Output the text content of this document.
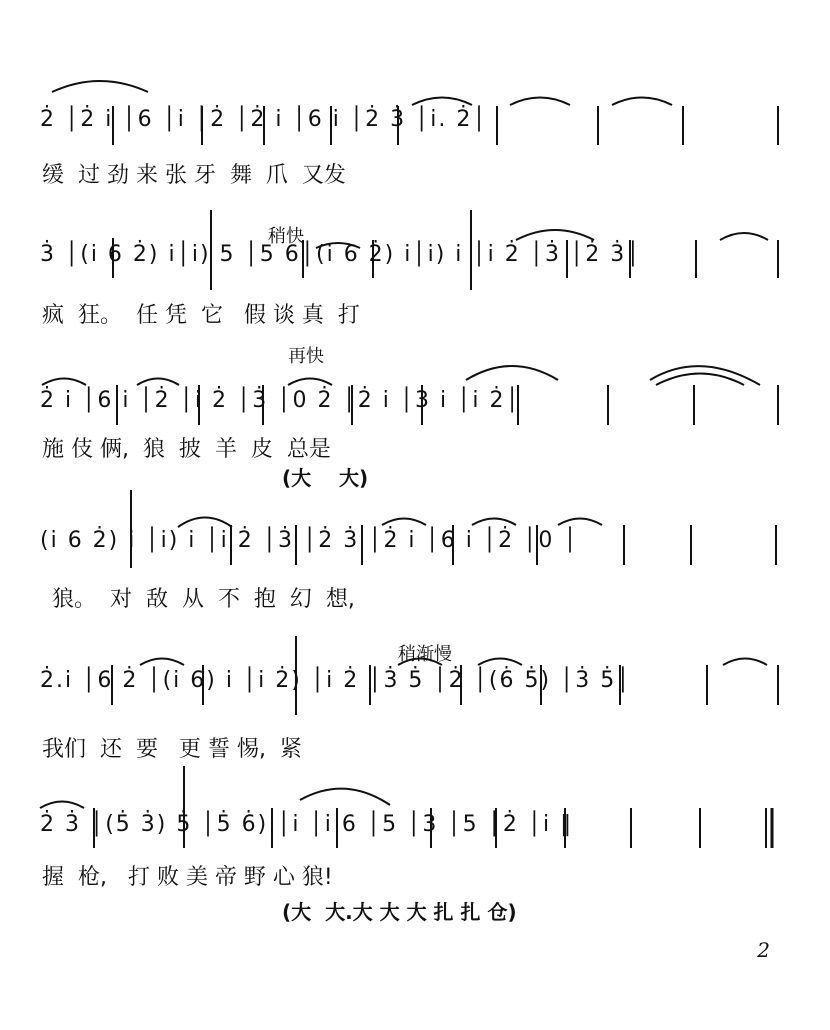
2̇ │2̇ i̇ │6 │i̇ │2̇ │2̇ i̇ │6 i̇ │2̇ 3̇ │i̇. 2̇│
缓  过 劲 来 张 牙  舞  爪  又发
稍快
3̇ │(i̇ 6 2̇) i̇│i̇) 5 │5 6│(i̇ 6 2̇) i̇│i̇) i̇ │i̇ 2̇ │3̇ │2̇ 3̇│
疯  狂。  任 凭  它   假 谈 真  打
再快
2̇ i̇ │6 i̇ │2̇ │i̇ 2̇ │3̇ │0 2̇ │2̇ i̇ │3̇ i̇ │i̇ 2̇│
施 伎 俩,  狼  披  羊  皮  总是
(大    大)
(i̇ 6 2̇) i̇ │i̇) i̇ │i̇ 2̇ │3̇ │2̇ 3̇ │2̇ i̇ │6 i̇ │2̇ │0 │
狼。  对  敌  从  不  抱  幻  想,
稍渐慢
2̇.i̇ │6 2̇ │(i̇ 6) i̇ │i̇ 2̇) │i̇ 2̇ │3̇ 5̇ │2̇ │(6̇ 5̇) │3̇ 5̇│
我们  还  要   更 誓 惕,  紧
2̇ 3̇ │(5̇ 3̇) 5̇ │5̇ 6̇) │i̇ │i̇ 6 │5 │3 │5 │2̇ │i̇ ‖
握  枪,   打 败 美 帝 野 心 狼!
(大  大.大 大 大 扎 扎 仓)
2
